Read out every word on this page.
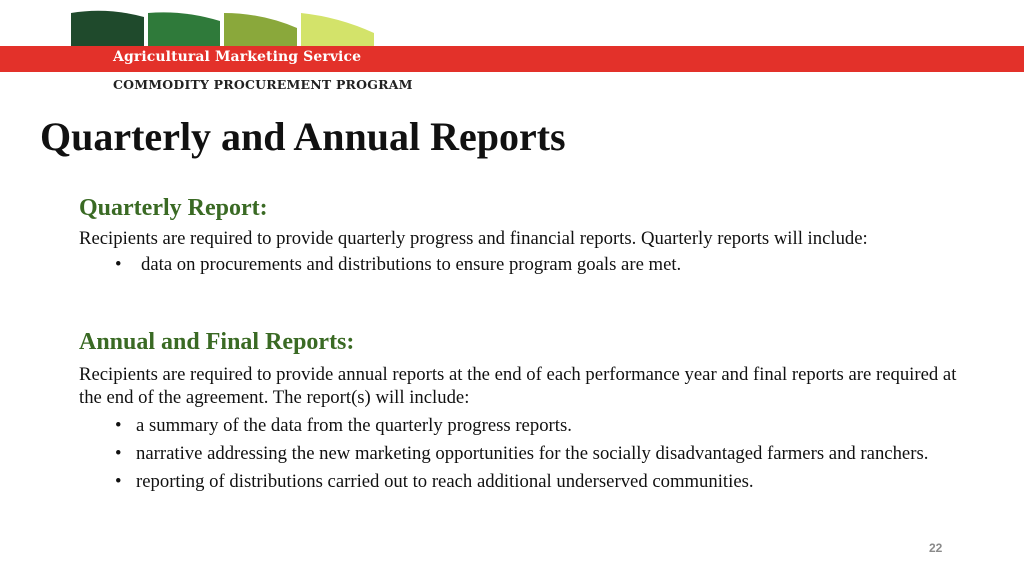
Agricultural Marketing Service
COMMODITY PROCUREMENT PROGRAM
Quarterly and Annual Reports
Quarterly Report:
Recipients are required to provide quarterly progress and financial reports. Quarterly reports will include:
• data on procurements and distributions to ensure program goals are met.
Annual and Final Reports:
Recipients are required to provide annual reports at the end of each performance year and final reports are required at the end of the agreement. The report(s) will include:
• a summary of the data from the quarterly progress reports.
• narrative addressing the new marketing opportunities for the socially disadvantaged farmers and ranchers.
• reporting of distributions carried out to reach additional underserved communities.
22
